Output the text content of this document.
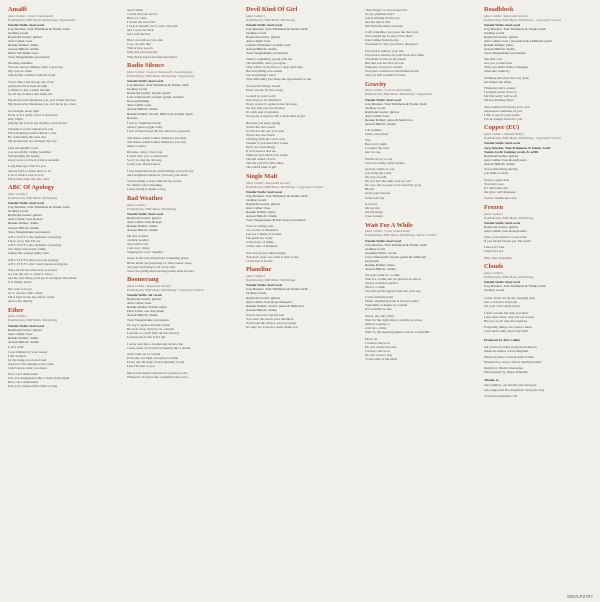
Amalfi
(Alex Callier / Luca Chiaravalli)
Published by EMI Music Publishing / Sugarmusic
Natalie Wolfe: lead vocal
Jorg Drucker, Toni Trimmons & Yannis Jordi:
backing vocals
Raymond Gertze: guitars
Alex Callier: bass
Renske Kölker: drums
Arnout Hellofs: drums
Pieter Van Daele: keys
Toon Vangansbeke: percussion
Morning sunshine
You are always smiling when I open my...
My eyes do shine
radiate like a mellow Amalfi cloud
You're like a red strong cup of tea
giving me more than enough
Caffeine is just a small amount
for all my troubles that make me
My mom never mentions you, you soften my beat
My mom never mentions you, you let us be a beat
Good night, sleep tight
Early as if I really crawl to the street
Day, Night
playing the fool in my slightly crazy moves
Chasing it, took compared to you
I'm wandering round without a clue
By celebrating this blue day
My glamorous ray changed my way
Like the Amalfi Coast
you are wildly curling beautiful
Surrounding the beauty
every wave on flood of the wonderful
Long time ago I felt for you
but my half so much more to be
Lost it while I was in love
I'm not the only one who cries
ABC Of Apology
(Alex Callier)
Published by EMI Music Publishing
Natalie Wolfe: lead vocal
Jorg Drucker, Toni Trimmons & Yannis Jordi:
backing vocals
Raymond Gertze: guitars
Alex Callier: bass & keys
Renske Kölker: drums
Arnout Hellofs: drums
Toon Vangansbeke: percussion
A B C D E F G the alphabet of apology
I'm so sorry that I'm not
A B C D E F G the alphabet of apology
Too many bad words within
asking this strange guilty man
A B C D E F G this is not an apology
A B C D E F G but I don't mean leaving me
Sun you tell me what ever you need
are you the one to cause it all too
and the only thing we'll get to an empty lake slides
it is simply better
Not easy to let go
try to use me with a flash
but it hasn't been any effect on me
and so my dignity
Ether
(Alex Callier)
Published by EMI Music Publishing
Natalie Wolfe: lead vocal
Raymond Gertze: guitars
Alex Callier: bass
Renske Kölker: drums
Arnout Hellofs: drums
Lost I walk
I was blinded by your beauty
I am cloaked
by the things you never said
And now I'm running in the wind
I don't know what you mean
Now can I understand
how you disappeared like a thorn in the night
How can I understand
how your captured like after so long
And I smile
to hide all your sorrow
Here we come
I watch the trees fall
I look at myself out of your cold soul
and I won't be back
but I will survive
How on earth are you able
to go on with this
This is how you do
Why did you leave me
Why did you give me that hand blow
Radio Silence
(Alex Callier / Laura Chiaravalli / Luca Paglio)
Published by EMI Music Publishing / Sugarmusic
Natalie Wolfe: lead vocal
Jorg Drucker, Toni Trimmons & Yannis Jordi:
backing vocals
Raymond Gertze: electric guitar
Luca Chiaravalli: acoustic guitar, clavinet
& programming
Alex Callier: bass
Arnout Hellofs: drums
Renske Kölker: chords, Mellotron, Fazlan organ
& piano
I feel so frightened alone
when I guess loggin today
I feel excited about the feet there's no question
The music seems louder whenever you hide
The music seems louder whenever you stay
make a sound
Because, baby, I miss you
I won't dare you to stand back
So try to sing me all song
Cause you already know
I feel frustrated about all the things you don't say
And delighted whenever you lose your mind
You're telling a story without any words
No matter who's listening
I keep trying to make a song
Bad Weather
(Alex Callier)
Published by EMI Music Publishing
Natalie Wolfe: lead vocal
Raymond Gertze: guitars
Alex Callier: bass & keys
Renske Kölker: drums
Arnout Hellofs: drums
Oh bad weather
oh dark weather
You will be lost
Can't say a thing
Singing the word 'together'
Grass is the only thing that's remaining green
Black heads are preparing for their winter sleep
All puns are flying to far away isles
Trees are giving more leaving plants than in tears
Boomerang
(Alex Callier / Raymond Gertze)
Published by EMI Music Publishing / Copyright Control
Natalie Wolfe: all vocals
Raymond Gertze: guitars
Alex Callier: bass
Renske Kölker: Fazlan organ
Peter Claes: one note piano
Arnout Hellofs: drums
Toon Vangansbeke: percussion
Do say it again a melodic guitar
Ha clear song, You live in a dream
Lead me or you'll find out into the bay
It leaves me in the lead I am
I never said that a boomerang back to me
Cause some of it and I've buzzing like a dream
After both out of control
Everyday see light, everyday be mine
Every day I'll sleep from beginning to end
Like I'm next to you
My nerves desire will bust in a poison or me
Whenever it's grace me, remember the word...
Devil Kind Of Girl
(Alex Callier)
Published by EMI Music Publishing
Natalie Wolfe: lead vocal
Jorg Drucker, Toni Trimmons & Yannis Jordi:
backing vocals
Raymond Gertze: guitars
Alex Callier: bass
Lennert Vandelaer: acoustic bass
Arnout Hellofs: drums
Toon Vangansbeke: percussion
There's something wrong with me
I'm beautiful, don't you agree
This coffee on the line is a deep dark blue
But everything now seems
Cut everything I need
This little thing you bring the opportunity in me
You see the things I need
Don't ask me for the wrong
Locked in your world
don't trust or be disturbed
Every sweet of orphan naive lies dust
the sky, that you see because
It's dark side of paradise
You gotta accept but I'm a devil kind of girl
Because you keep saying
You're the one I need
So I'm not the one you want
You're the one I need
I'll bring forth all I ever own
Wonder if you need me? Cause
Don't say such things
If we'd knows and see
Wake up and smell your wings
I'm still afraid of love
Tell me you'll be fully mine
I'm a devil kind of girl
Single Malt
(Alex Callier / Raymond Gertze)
Published by EMI Music Publishing / Copyright Control
Natalie Wolfe: lead vocal
Jorg Drucker, Toni Trimmons & Yannis Jordi:
backing vocals
Raymond Gertze: guitars
Alex Callier: bass
Renske Kölker: piano
Arnout Hellofs: drums
Toon Vangansbeke & Piet Claes: percussion
You are selling your
on a bottle of memories
you are a sinner of statues
I'm gentle for today
to the hope of single
a dirty shot of madness
You slowly feel unknowingly
You don't even care what it does to me
I can't feel it for me
Planeline
(Alex Callier)
Published by EMI Music Publishing
Natalie Wolfe: lead vocal
Jorg Drucker, Toni Trimmons & Yannis Jordi:
backing vocals
Raymond Gertze: guitars
Alex Callier: bass & glockenspiel
Renske Kölker: electric piano & Mellotron
Arnout Hellofs: drums
You've been the spotted fear
You were the sun in your lunchbox
You broke the silence, yes you spoke
It's only too scared to really make you
"The blings" is all you need for
in any grammar that's
you're shining all the way
and the rain is fine
that'll finally make us break
I will remember you gave me that look
You wanted me to stay, I'd be there
Like falling from the sky
You made it clear you had to disappear
I'd loved to believe your lies
I'd loved to endure all your black and white
You made it rain on the sunset
But that was not how it took
Someone you never looked
You were convinced with hidden thorns
that you still wouldn't be here
Gravity
(Alex Callier / Laura Chiaravalli)
Published by EMI Music Publishing / Sugarmusic
Natalie Wolfe: lead vocal
Jorg Drucker, Toni Trimmons & Yannis Jordi:
backing vocals
Raymond Gertze: guitars
Alex Callier: bass
Renske Kölker: piano & Mellotron
Arnout Hellofs: drums
I do tremble
when you're here
You
Hey every night
I wander the view
just for one
Which we try to say
we're drowning wider breaks
Gravity comes to you
you bring my walls
the way we talk
Do you feel the same way as I do?
Do you, (it's no easy to be towed by you)
Blown
stock your breezes
in the balcony
A caveat
Oh say my
All the snake
I just wonder
Wait For A While
(Alex Callier / Luca Chiaravalli)
Published by EMI Music Publishing / Music Control
Natalie Wolfe: lead vocal
Jorg Drucker, Toni Trimmons & Yannis Jordi:
backing vocals
Gianluigi Fazio: vocals
Luca Chiaravalli: electric guitar & additional
keyboards
Renske Kölker: piano
Arnout Hellofs: drums
We gone want for a while
Wait for a while but we just live in blood
Stones in almost perfect
life for a while
We will see the jigsaw falls into your eye
I can't wish my heart
When a lightning from is always louder
Sometimes it makes no wonder
It'd wouldn't be lies
Never, my only child
Wait for the right time to rebirth our stone
Almost a spider to
wait for a while
Wait for the morning makes it more worthwhile
Move on
I want to move on
Do you wanna love me
I want to move on
Do you want to stay
To the ends of the earth
Roadblock
(Alex Callier / Raymond Gertze)
Published by EMI Music Publishing / Copyright Control
Natalie Wolfe: lead vocal
Jorg Drucker, Toni Trimmons & Yannis Jordi:
backing vocals
Raymond Gertze: guitars
Alex Callier: bass / percussion & additional synth
Renske Kölker: piano
Arnout Hellofs: drums
Toon Vangansbeke: percussion
She ain't cool
Are you a brand new
Then you didn't make a manager
when she walks by
Thinking she plays her way gone
she makes me smile
Whenever she's around
I promise never more to
My life really will be all
I'm not drinking more
The roadblock between your own
depression continues of you
I like to see it a part of me
I've no longer flown for you
Copper (EU)
(Alex Callier / Natalie Wolfe)
Published by EMI Music Publishing / Copyright Control
Natalie Wolfe: lead vocal
Jorg Drucker, Toni Trimmons & Yannis Jordi:
Yannis Jordi: backing vocals & ad lib
Raymond Gertze: guitars
Alex Callier: bass & keyboards
Arnout Hellofs: drums
You polish things merely
you think is white
You're copper hair
You don't care
If I don't take any
the glow will disappear
You in a landscape seen
Frozen
(Alex Callier)
Published by EMI Music Publishing
Natalie Wolfe: lead vocal
Raymond Gertze: guitars
Alex Callier: bass & keyboards
Since you wanted to look at me
If you haven't heard yet, I'm warm
I know it's true
I know it's not
Why am I even here
Clouds
(Alex Callier)
Published by EMI Music Publishing
Natalie Wolfe: lead vocal
Jorg Drucker, Toni Trimmons & Yannis Jordi:
backing vocals
Come closer, let fly my weeping eyes
into a world to everyone
Set your cold lonely down
I don't scream but then you have
I just don't know why you are scared
But you won't take me anymore
Forgetting things can create a mess
I just don't really know my limit
Produced by Alex Callier
All tracks recorded at private homes in
Ghent & studios across Belgium
Mixed by Peter Claes & Alex Callier
Mastered by Greg Calbi at Sterling Sound
Design by Dmitri Gharsadze
Photography by Jasper Wijnants
Thanks to
Our families, our friends and everyone
who supported Hooverphonic along the way
www.hooverphonic.com
MOVLP2797
